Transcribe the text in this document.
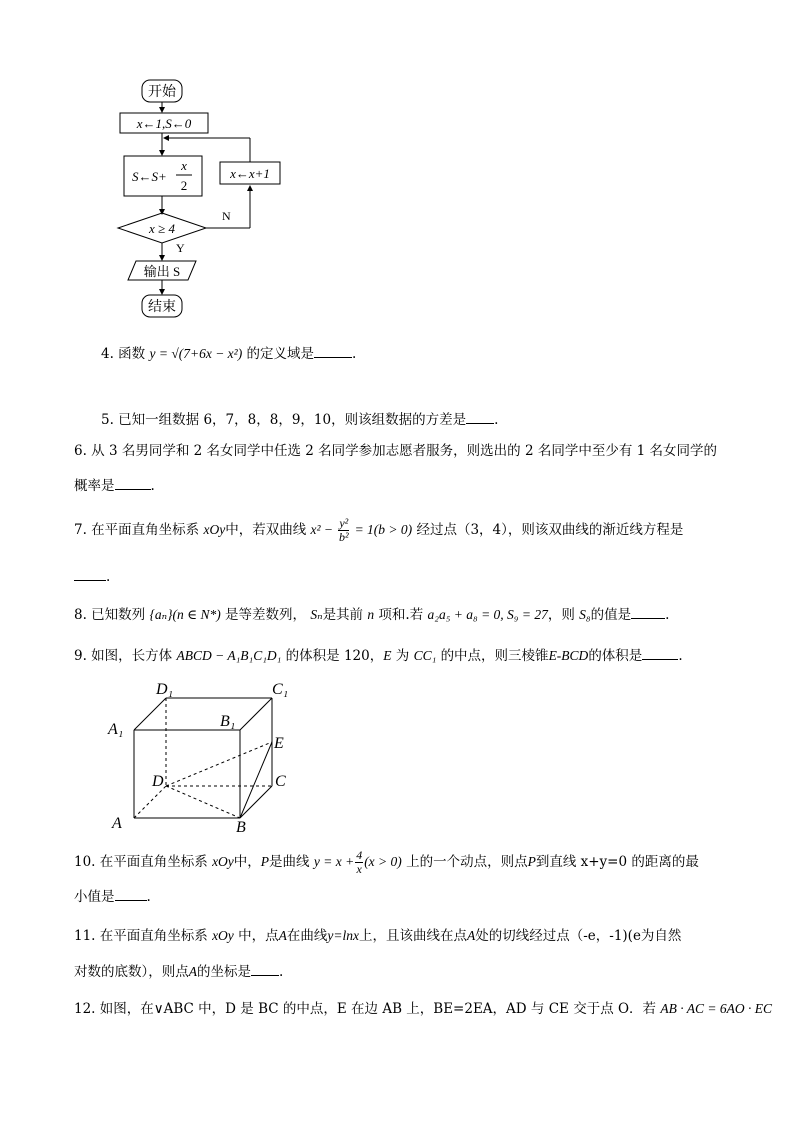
开始
x←1,S←0
S←S+
x
2
x←x+1
x ≥ 4
N
Y
输出 S
结束
4. 函数 y = √(7+6x − x²) 的定义域是	.
5. 已知一组数据 6，7，8，8，9，10，则该组数据的方差是 .
6. 从 3 名男同学和 2 名女同学中任选 2 名同学参加志愿者服务，则选出的 2 名同学中至少有 1 名女同学的
概率是	.
7. 在平面直角坐标系 xOy中，若双曲线 $x^2 - \frac{\text{y²}}{\text{b²}} = 1(b > 0)$ 经过点（3，4），则该双曲线的渐近线方程是
.
8. 已知数列 {aₙ}(n ∈ N*) 是等差数列， Sₙ是其前 n 项和.若 a₂a₅ + a₈ = 0, S₉ = 27，则 S₈的值是	.
9. 如图，长方体 ABCD − A₁B₁C₁D₁ 的体积是 120，E 为 CC₁ 的中点，则三棱锥E-BCD的体积是	.
D₁	C₁
A₁	B₁
E
D	C
A	B
10. 在平面直角坐标系 xOy中，P是曲线 $y = x + \frac{4}{x} (x > 0)$ 上的一个动点，则点P到直线 x+y=0 的距离的最
小值是 .
11. 在平面直角坐标系 xOy 中，点A在曲线y=lnx上，且该曲线在点A处的切线经过点（-e，-1)(e为自然
对数的底数），则点A的坐标是 .
12. 如图，在∨ABC 中，D 是 BC 的中点，E 在边 AB 上，BE=2EA，AD 与 CE 交于点 O．若 AB · AC = 6AO · EC
